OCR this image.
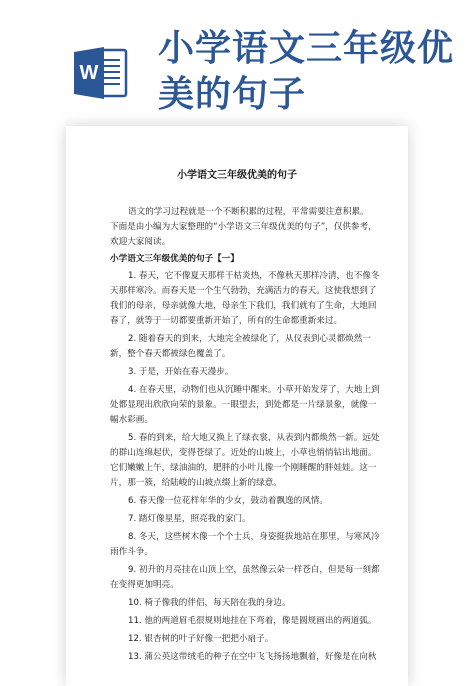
W
小学语文三年级优
美的句子
小学语文三年级优美的句子

语文的学习过程就是一个不断积累的过程，平常需要注意积累。

下面是由小编为大家整理的“小学语文三年级优美的句子”，仅供参考，欢迎大家阅读。

小学语文三年级优美的句子【一】

1. 春天，它不像夏天那样干枯炎热，不像秋天那样冷清，也不像冬天那样寒冷。而春天是一个生气勃勃，充满活力的春天。这使我想到了我们的母亲，母亲就像大地，母亲生下我们，我们就有了生命，大地回春了，就等于一切都要重新开始了，所有的生命都重新来过。

2. 随着春天的到来，大地完全被绿化了，从仪表到心灵都焕然一新，整个春天都被绿色覆盖了。

3. 于是，开始在春天漫步。

4. 在春天里，动物们也从沉睡中醒来。小草开始发芽了，大地上到处都显现出欣欣向荣的景象。一眼望去，到处都是一片绿景象，就像一幅水彩画。

5. 春的到来，给大地又换上了绿衣裳，从表到内都焕然一新。远处的群山连绵起伏，变得苍绿了。近处的山坡上，小草也悄悄钻出地面。它们嫩嫩上午，绿油油的，肥胖的小叶儿像一个刚睡醒的胖娃娃。这一片，那一簇，给陆峻的山坡点缀上新的绿意。

6. 春天像一位花样年华的少女，鼓动着飘逸的风情。

7. 踏灯像星星，照亮我的家门。

8. 冬天，这些树木像一个个士兵，身姿挺拔地站在那里，与寒风冷雨作斗争。

9. 初升的月亮挂在山顶上空，虽然像云朵一样苍白，但是每一刻都在变得更加明亮。

10. 椅子像我的伴侣，每天陪在我的身边。

11. 他的两道眉毛很规则地挂在下弯着，像是圆规画出的两道弧。

12. 银杏树的叶子好像一把把小扇子。

13. 蒲公英这带绒毛的种子在空中飞飞扬扬地飘着，好像是在向秋
